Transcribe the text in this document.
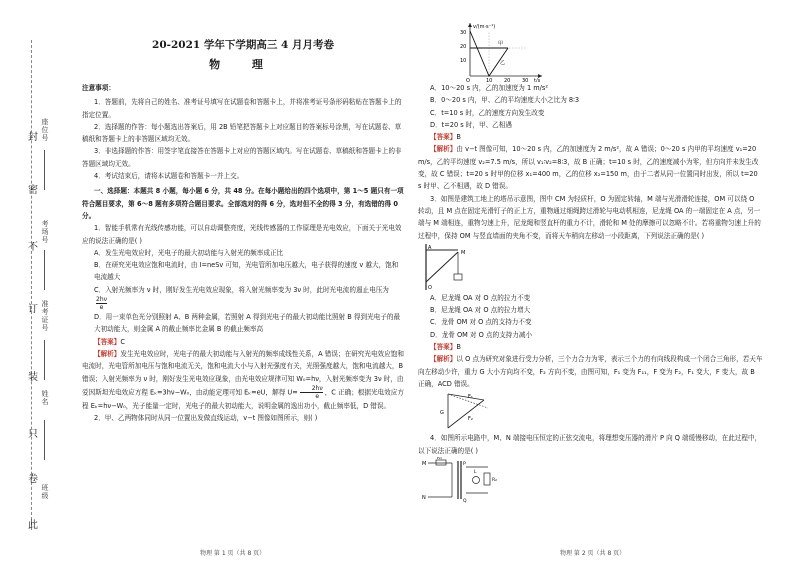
封
密
不
订
装
只
卷
此
座位号
考场号
准考证号
姓名
班级
20-2021 学年下学期高三 4 月月考卷
物 理

注意事项：

1．答题前，先将自己的姓名、准考证号填写在试题卷和答题卡上，并将准考证号条形码粘贴在答题卡上的指定位置。

2．选择题的作答：每小题选出答案后，用 2B 铅笔把答题卡上对应题目的答案标号涂黑，写在试题卷、草稿纸和答题卡上的非答题区域均无效。

3．非选择题的作答：用签字笔直接答在答题卡上对应的答题区域内。写在试题卷、草稿纸和答题卡上的非答题区域均无效。

4．考试结束后，请将本试题卷和答题卡一并上交。

一、选择题：本题共 8 小题，每小题 6 分，共 48 分。在每小题给出的四个选项中，第 1～5 题只有一项符合题目要求，第 6～8 题有多项符合题目要求。全部选对的得 6 分，选对但不全的得 3 分，有选错的得 0 分。

1．智能手机常有光线传感功能，可以自动调整亮度，光线传感器的工作原理是光电效应，下面关于光电效应的说法正确的是( )

A．发生光电效应时，光电子的最大初动能与入射光的频率成正比

B．在研究光电效应饱和电流时，由 I=neSv 可知，光电管所加电压越大，电子获得的速度 v 越大，饱和电流越大

C．入射光频率为 ν 时，刚好发生光电效应现象，将入射光频率变为 3ν 时，此时光电流的遏止电压为
$\frac{2h\nu}{e}$

D．用一束单色光分别照射 A、B 两种金属，若照射 A 得到光电子的最大初动能比照射 B 得到光电子的最大初动能大，则金属 A 的截止频率比金属 B 的截止频率高

【答案】C

【解析】发生光电效应时，光电子的最大初动能与入射光的频率成线性关系，A 错误；在研究光电效应饱和电流时，光电管所加电压与饱和电流无关，饱和电流大小与入射光强度有关，光照强度越大，饱和电流越大，B 错误；入射光频率为 ν 时，刚好发生光电效应现象，由光电效应规律可知 W₀=hν，入射光频率变为 3ν 时，由爱因斯坦光电效应方程 Eₖ=3hν−W₀，由动能定理可知 Eₖ=eU，解得 $U= \frac{2h\nu}{e}$ ，C 正确；根据光电效应方程 Eₖ=hν−W₀，光子能量一定时，光电子的最大初动能大，说明金属的逸出功小，截止频率低，D 错误。

2．甲、乙两物体同时从同一位置出发做直线运动，v−t 图像如图所示，则( )

v/(m·s⁻¹)
t/s
30
20
10
O	10 20 30
甲
乙

A．10～20 s 内，乙的加速度为 1 m/s²

B．0～20 s 内，甲、乙的平均速度大小之比为 8∶3

C．t=10 s 时，乙的速度方向发生改变

D．t=20 s 时，甲、乙相遇

【答案】B

【解析】由 v−t 图像可知，10～20 s 内，乙的加速度为 2 m/s²，故 A 错误；0～20 s 内甲的平均速度 v₁=20 m/s，乙的平均速度 v₂=7.5 m/s，所以 v₁∶v₂=8∶3，故 B 正确；t=10 s 时，乙的速度减小为零，但方向并未发生改变，故 C 错误；t=20 s 时甲的位移 x₁=400 m，乙的位移 x₂=150 m，由于二者从同一位置同时出发，所以 t=20 s 时甲、乙不相遇，故 D 错误。

3．如图是建筑工地上的塔吊示意图，图中 CM 为轻质杆，O 为固定转轴，M 端与光滑滑轮连接，OM 可以绕 O 转动，且 M 点在固定光滑钉子的正上方，重物通过细绳跨过滑轮与电动机相连，尼龙绳 OA 的一端固定在 A 点，另一端与 M 端相连，重物匀速上升，尼龙绳和竖直杆的重力不计，滑轮和 M 处的摩擦可以忽略不计。若将重物匀速上升的过程中，保持 OM 与竖直墙面的夹角不变，而将天车稍向左移动一小段距离，下列说法正确的是( )

A
O
M

A．尼龙绳 OA 对 O 点的拉力不变

B．尼龙绳 OA 对 O 点的拉力增大

C．龙骨 OM 对 O 点的支持力不变

D．龙骨 OM 对 O 点的支持力减小

【答案】B

【解析】以 O 点为研究对象进行受力分析，三个力合力为零，表示三个力的有向线段构成一个闭合三角形，若天车向左移动少许，重力 G 大小方向均不变，F₂ 方向不变，由图可知，F₁ 变为 F₁₁，F 变为 F₂，F₁ 变大，F 变大，故 B 正确，ACD 错误。

G
F₁
F₂

4．如图所示电路中，M、N 端接电压恒定的正弦交流电，将理想变压器的滑片 P 向 Q 端缓慢移动，在此过程中，以下说法正确的是( )

M
N
R₁
R₂
L
P
Q
物理 第 1 页（共 8 页）	物理 第 2 页（共 8 页）
